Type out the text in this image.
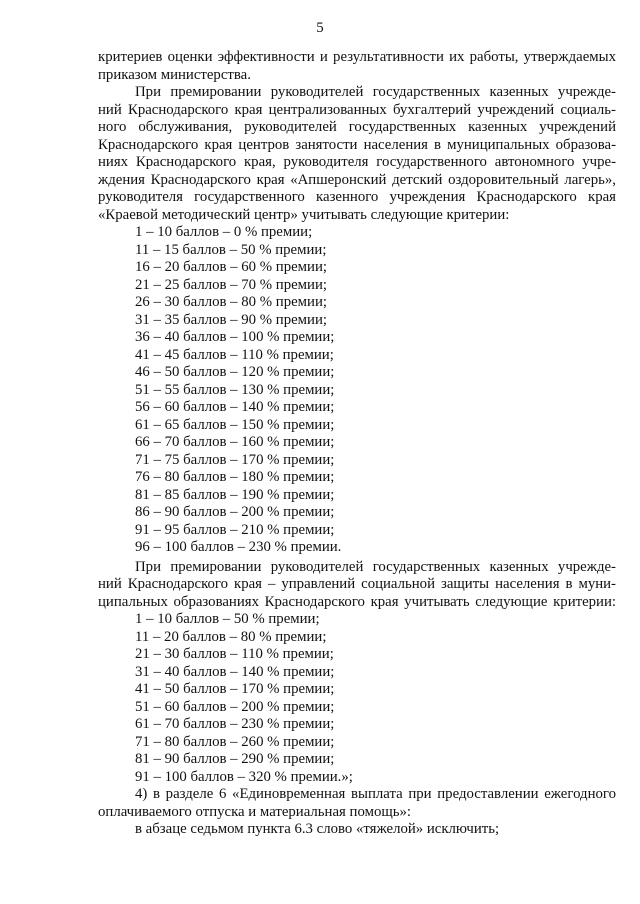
5
критериев оценки эффективности и результативности их работы, утверждаемых
приказом министерства.
При премировании руководителей государственных казенных учрежде-
ний Краснодарского края централизованных бухгалтерий учреждений социаль-
ного обслуживания, руководителей государственных казенных учреждений
Краснодарского края центров занятости населения в муниципальных образова-
ниях Краснодарского края, руководителя государственного автономного учре-
ждения Краснодарского края «Апшеронский детский оздоровительный лагерь»,
руководителя государственного казенного учреждения Краснодарского края
«Краевой методический центр» учитывать следующие критерии:
1 – 10 баллов – 0 % премии;
11 – 15 баллов – 50 % премии;
16 – 20 баллов – 60 % премии;
21 – 25 баллов – 70 % премии;
26 – 30 баллов – 80 % премии;
31 – 35 баллов – 90 % премии;
36 – 40 баллов – 100 % премии;
41 – 45 баллов – 110 % премии;
46 – 50 баллов – 120 % премии;
51 – 55 баллов – 130 % премии;
56 – 60 баллов – 140 % премии;
61 – 65 баллов – 150 % премии;
66 – 70 баллов – 160 % премии;
71 – 75 баллов – 170 % премии;
76 – 80 баллов – 180 % премии;
81 – 85 баллов – 190 % премии;
86 – 90 баллов – 200 % премии;
91 – 95 баллов – 210 % премии;
96 – 100 баллов – 230 % премии.
При премировании руководителей государственных казенных учрежде-
ний Краснодарского края – управлений социальной защиты населения в муни-
ципальных образованиях Краснодарского края учитывать следующие критерии:
1 – 10 баллов – 50 % премии;
11 – 20 баллов – 80 % премии;
21 – 30 баллов – 110 % премии;
31 – 40 баллов – 140 % премии;
41 – 50 баллов – 170 % премии;
51 – 60 баллов – 200 % премии;
61 – 70 баллов – 230 % премии;
71 – 80 баллов – 260 % премии;
81 – 90 баллов – 290 % премии;
91 – 100 баллов – 320 % премии.»;
4) в разделе 6 «Единовременная выплата при предоставлении ежегодного
оплачиваемого отпуска и материальная помощь»:
в абзаце седьмом пункта 6.3 слово «тяжелой» исключить;
